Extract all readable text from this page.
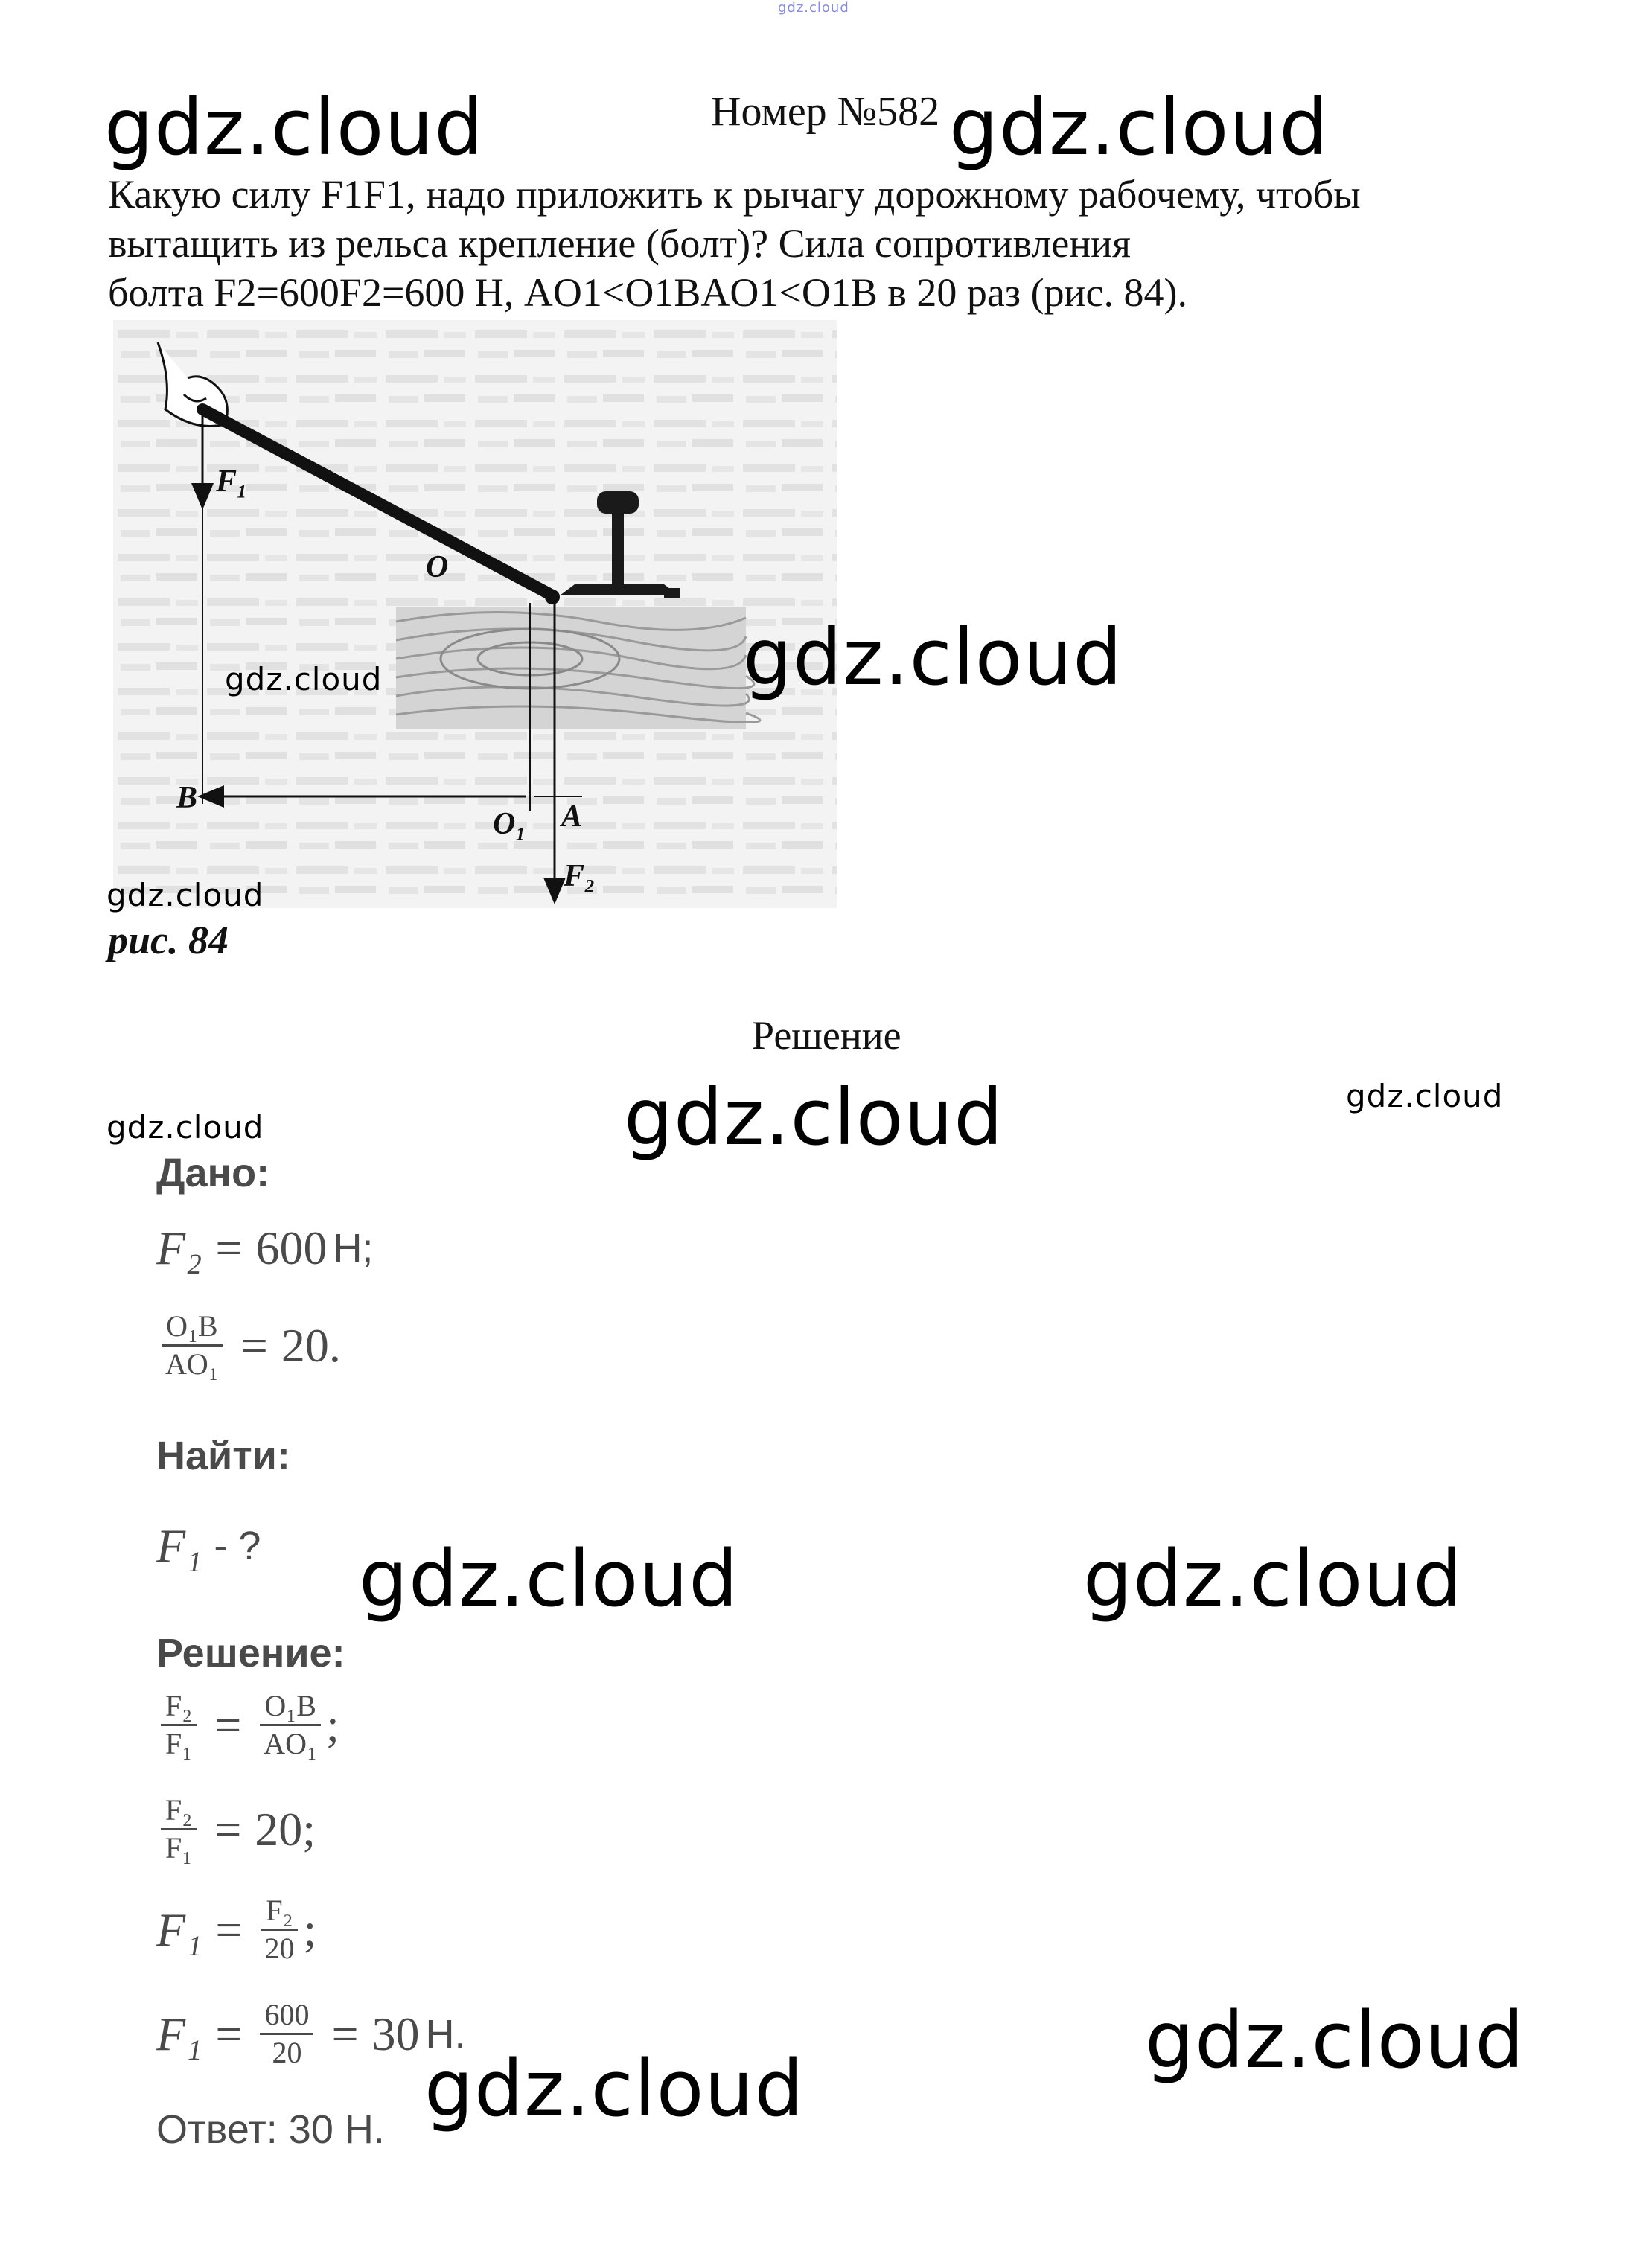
gdz.cloud
gdz.cloud	Номер №582 gdz.cloud

Какую силу F1F1, надо приложить к рычагу дорожному рабочему, чтобы

вытащить из рельса крепление (болт)? Сила сопротивления

болта F2=600F2=600 Н, AO1<O1BAO1<O1B в 20 раз (рис. 84).

F₁
O
B
O₁ A
F₂
gdz.cloud	gdz.cloud
gdz.cloud
рис. 84
Решение
gdz.cloud	gdz.cloud	gdz.cloud
Дано:
F₂ = 600 Н;
$\frac{\text{O₁B}}{\text{AO₁}} = 20$.
Найти:
F₁ - ?
Решение:
$\frac{\text{F₂}}{\text{F₁}} = \frac{\text{O₁B}}{\text{AO₁}}$ ;
$\frac{\text{F₂}}{\text{F₁}} = 20$;
$F_1 = \frac{\text{F₂}}{20}$ ;
$F_1 = \frac{600}{20} = 30$ Н.
Ответ: 30 Н.
gdz.cloud	gdz.cloud
gdz.cloud
gdz.cloud
